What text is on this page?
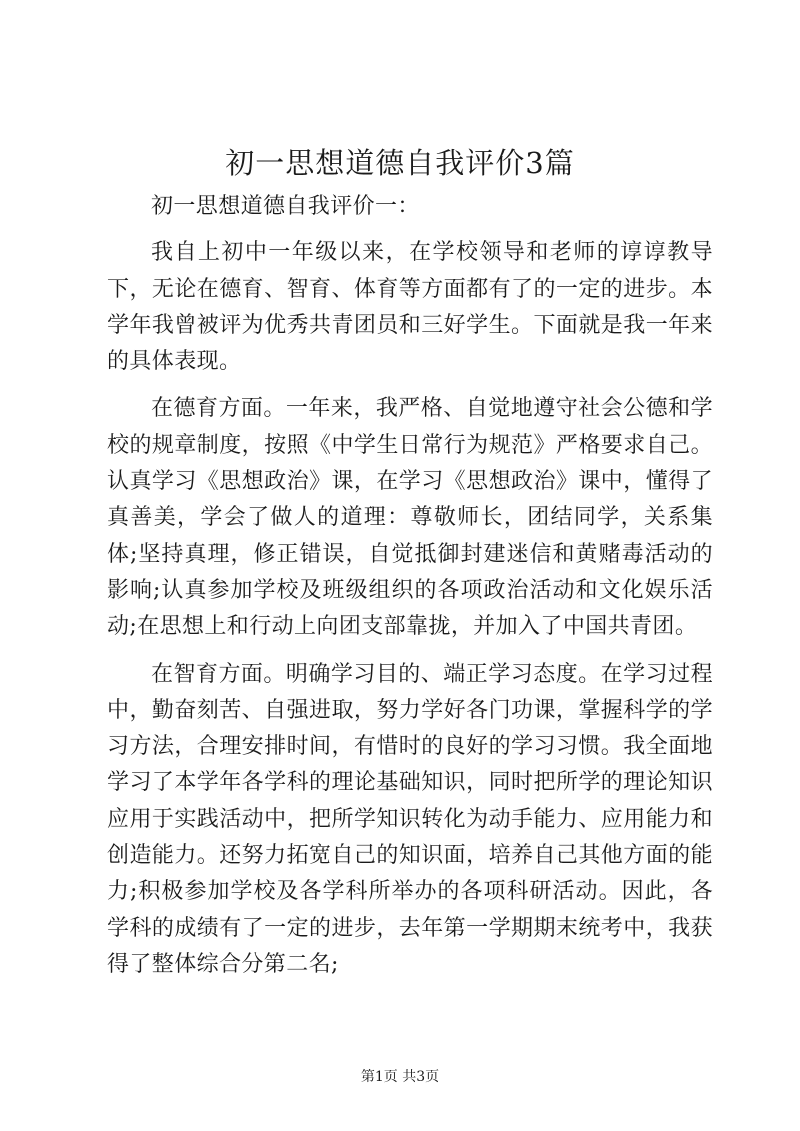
初一思想道德自我评价3篇

初一思想道德自我评价一：

我自上初中一年级以来，在学校领导和老师的谆谆教导下，无论在德育、智育、体育等方面都有了的一定的进步。本学年我曾被评为优秀共青团员和三好学生。下面就是我一年来的具体表现。

在德育方面。一年来，我严格、自觉地遵守社会公德和学校的规章制度，按照《中学生日常行为规范》严格要求自己。认真学习《思想政治》课，在学习《思想政治》课中，懂得了真善美，学会了做人的道理：尊敬师长，团结同学，关系集体;坚持真理，修正错误，自觉抵御封建迷信和黄赌毒活动的影响;认真参加学校及班级组织的各项政治活动和文化娱乐活动;在思想上和行动上向团支部靠拢，并加入了中国共青团。

在智育方面。明确学习目的、端正学习态度。在学习过程中，勤奋刻苦、自强进取，努力学好各门功课，掌握科学的学习方法，合理安排时间，有惜时的良好的学习习惯。我全面地学习了本学年各学科的理论基础知识，同时把所学的理论知识应用于实践活动中，把所学知识转化为动手能力、应用能力和创造能力。还努力拓宽自己的知识面，培养自己其他方面的能力;积极参加学校及各学科所举办的各项科研活动。因此，各学科的成绩有了一定的进步，去年第一学期期末统考中，我获得了整体综合分第二名;

第1页 共3页
